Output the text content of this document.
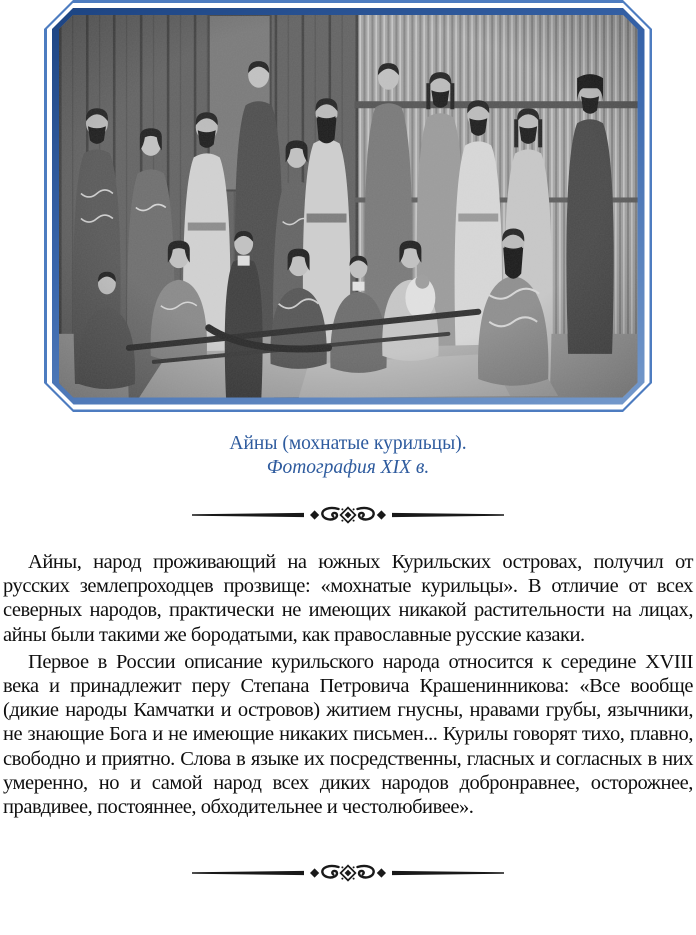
Айны (мохнатые курильцы).
Фотография XIX в.

Айны, народ проживающий на южных Курильских островах, получил от русских землепроходцев прозвище: «мохнатые курильцы». В отличие от всех северных народов, практически не имеющих никакой растительности на лицах, айны были такими же бородатыми, как православные русские казаки.

Первое в России описание курильского народа относится к середине XVIII века и принадлежит перу Степана Петровича Крашенинникова: «Все вообще (дикие народы Камчатки и островов) житием гнусны, нравами грубы, язычники, не знающие Бога и не имеющие никаких письмен... Курилы говорят тихо, плавно, свободно и приятно. Слова в языке их посредственны, гласных и согласных в них умеренно, но и самой народ всех диких народов добронравнее, осторожнее, правдивее, постояннее, обходительнее и честолюбивее».
